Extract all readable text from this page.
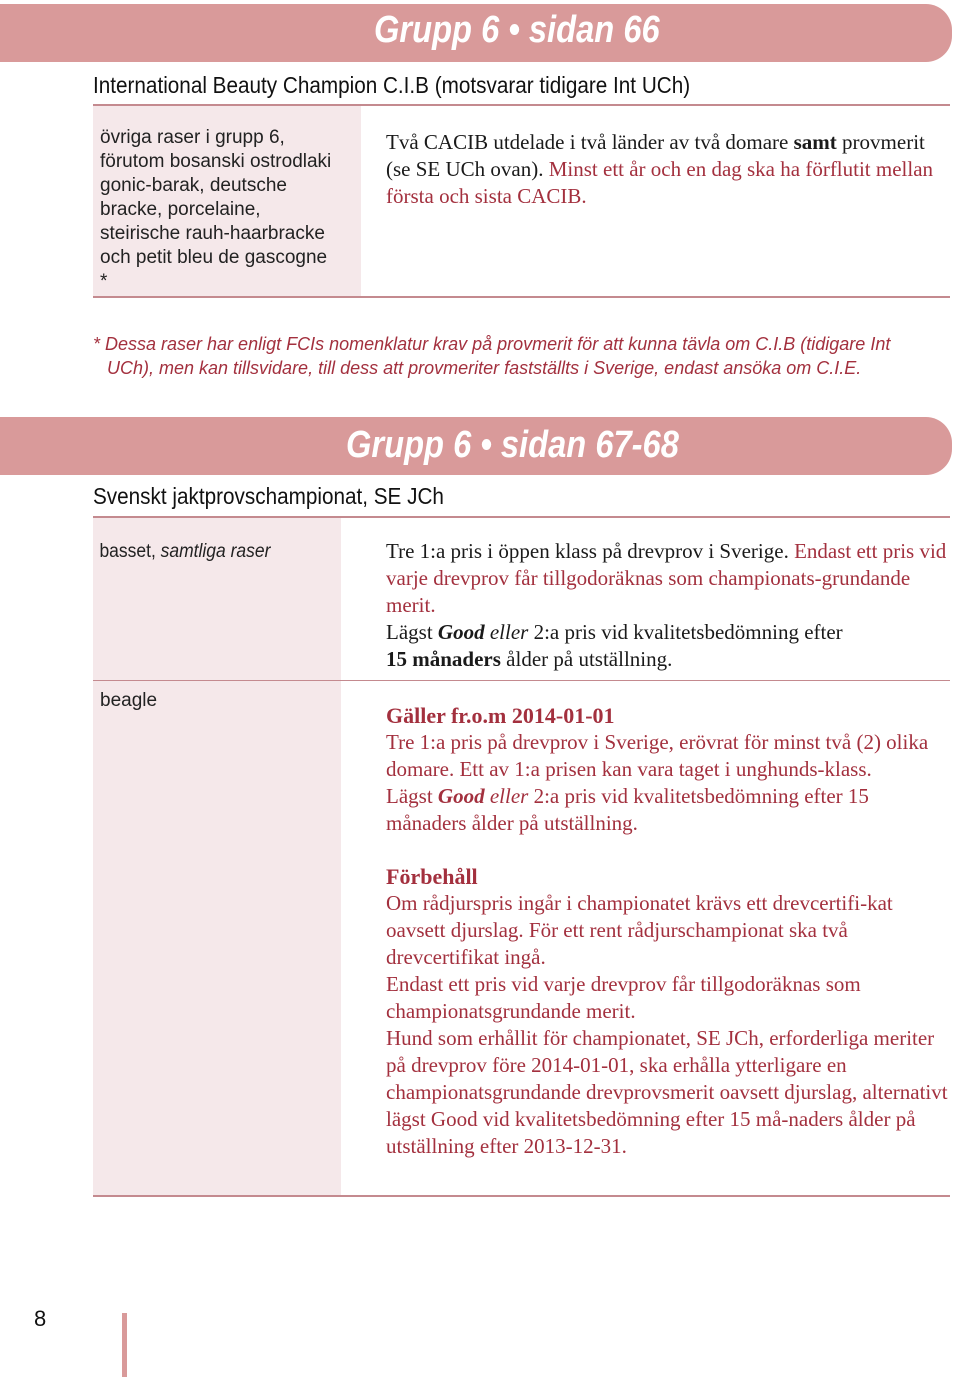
Grupp 6 • sidan 66
International Beauty Champion C.I.B (motsvarar tidigare Int UCh)
övriga raser i grupp 6, förutom bosanski ostrodlaki gonic-barak, deutsche bracke, porcelaine, steirische rauh-haarbracke och petit bleu de gascogne *
Två CACIB utdelade i två länder av två domare samt provmerit (se SE UCh ovan). Minst ett år och en dag ska ha förflutit mellan första och sista CACIB.
* Dessa raser har enligt FCIs nomenklatur krav på provmerit för att kunna tävla om C.I.B (tidigare Int UCh), men kan tillsvidare, till dess att provmeriter fastställts i Sverige, endast ansöka om C.I.E.
Grupp 6 • sidan 67-68
Svenskt jaktprovschampionat, SE JCh
basset, samtliga raser	Tre 1:a pris i öppen klass på drevprov i Sverige. Endast ett pris vid varje drevprov får tillgodoräknas som championats-grundande merit.
Lägst Good eller 2:a pris vid kvalitetsbedömning efter
15 månaders ålder på utställning.
beagle
Gäller fr.o.m 2014-01-01
Tre 1:a pris på drevprov i Sverige, erövrat för minst två (2) olika domare. Ett av 1:a prisen kan vara taget i unghunds-klass.
Lägst Good eller 2:a pris vid kvalitetsbedömning efter 15 månaders ålder på utställning.
Förbehåll
Om rådjurspris ingår i championatet krävs ett drevcertifi-kat oavsett djurslag. För ett rent rådjurschampionat ska två drevcertifikat ingå.
Endast ett pris vid varje drevprov får tillgodoräknas som championatsgrundande merit.
Hund som erhållit för championatet, SE JCh, erforderliga meriter på drevprov före 2014-01-01, ska erhålla ytterligare en championatsgrundande drevprovsmerit oavsett djurslag, alternativt lägst Good vid kvalitetsbedömning efter 15 må-naders ålder på utställning efter 2013-12-31.
8
